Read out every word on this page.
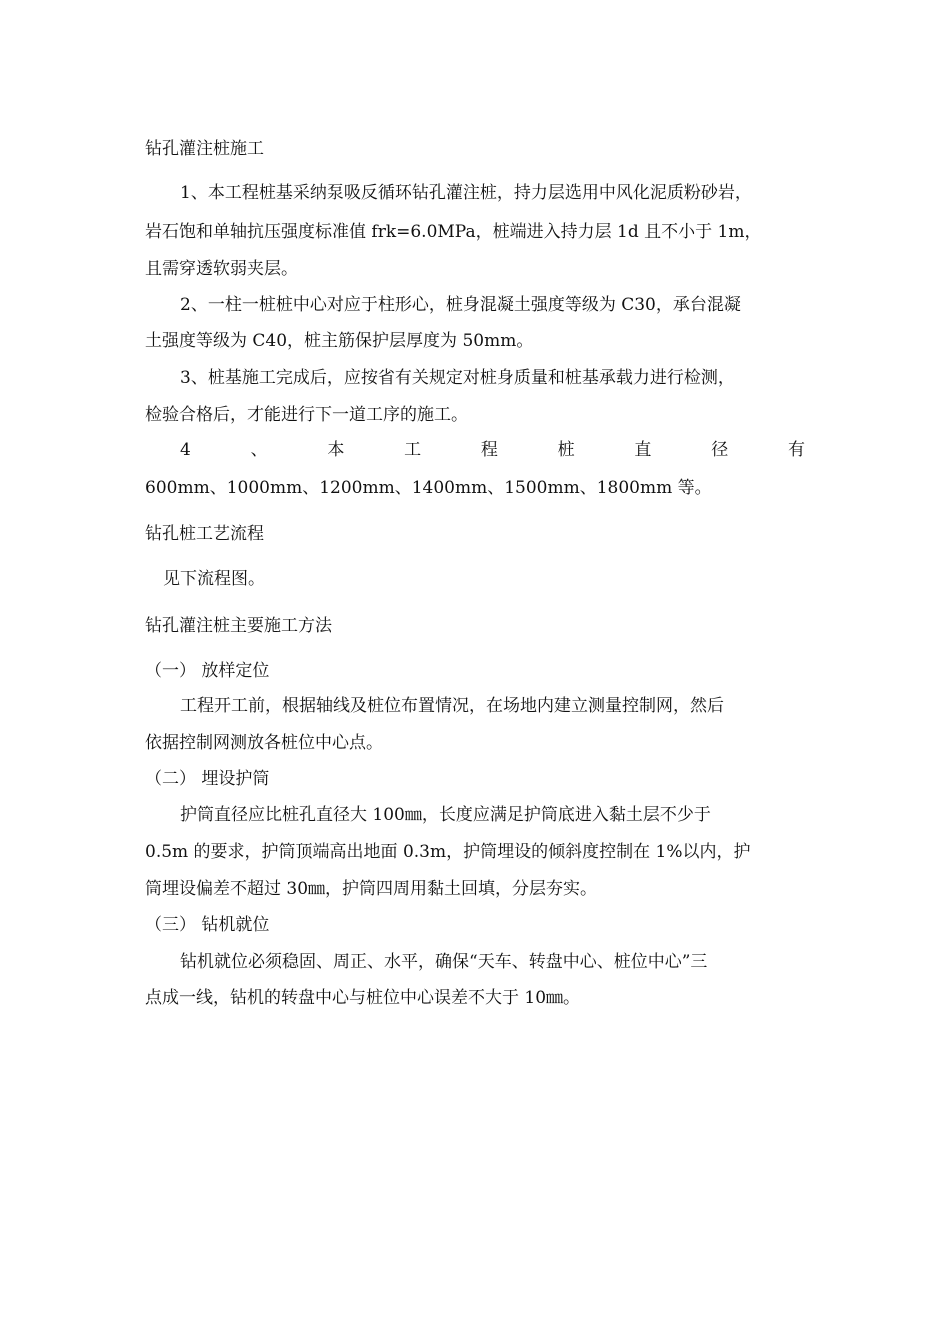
钻孔灌注桩施工
1、本工程桩基采纳泵吸反循环钻孔灌注桩，持力层选用中风化泥质粉砂岩，
岩石饱和单轴抗压强度标准值 frk=6.0MPa，桩端进入持力层 1d 且不小于 1m，
且需穿透软弱夹层。
2、一柱一桩桩中心对应于柱形心，桩身混凝土强度等级为 C30，承台混凝
土强度等级为 C40，桩主筋保护层厚度为 50mm。
3、桩基施工完成后，应按省有关规定对桩身质量和桩基承载力进行检测，
检验合格后，才能进行下一道工序的施工。
4	、	本	工	程	桩	直	径	有
600mm、1000mm、1200mm、1400mm、1500mm、1800mm 等。
钻孔桩工艺流程
见下流程图。
钻孔灌注桩主要施工方法
（一） 放样定位
工程开工前，根据轴线及桩位布置情况，在场地内建立测量控制网，然后
依据控制网测放各桩位中心点。
（二） 埋设护筒
护筒直径应比桩孔直径大 100㎜，长度应满足护筒底进入黏土层不少于
0.5m 的要求，护筒顶端高出地面 0.3m，护筒埋设的倾斜度控制在 1%以内，护
筒埋设偏差不超过 30㎜，护筒四周用黏土回填，分层夯实。
（三） 钻机就位
钻机就位必须稳固、周正、水平，确保“天车、转盘中心、桩位中心”三
点成一线，钻机的转盘中心与桩位中心误差不大于 10㎜。
